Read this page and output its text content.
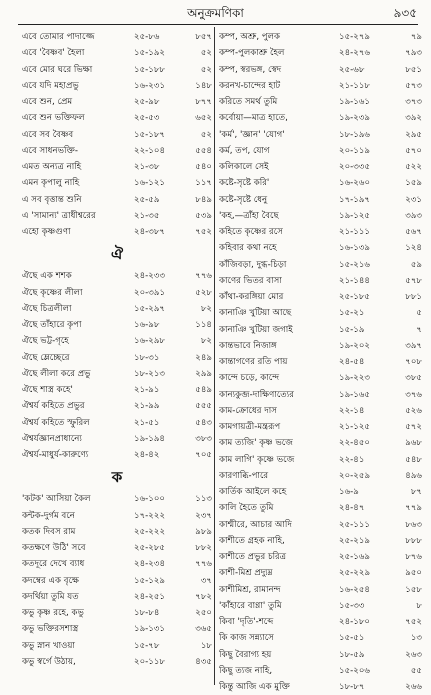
অনুক্রমণিকা	৯৩৫
এবে তোমার পাদাজ্জে	২৫-৮৬	৮৫৭
এবে 'বৈষ্ণব' হৈলা	১৫-১৯২	৫২
এবে মোর ঘরে ভিক্ষা	১৫-১৮৮	৫২
এবে যদি মহাপ্রভু	১৬-২৩১	১৪৮
এবে শুন, প্রেম	২৫-৯৮	৮৭৭
এবে শুন ভক্তিফল	২৫-৫৩	৬৫২
এবে সব বৈষ্ণব	১৫-১৮৭	৫২
এবে সাধনভক্তি-	২২-১০৪	৫৫৪
এমত অন্যত্র নাহি	২১-৩৮	৫৪০
এমন কৃপালু নাহি	১৬-১২১	১১৭
এ সব বৃত্তান্ত শুনি	২৫-৫৯	৮৪৯
এ 'সামান্য' ত্রাধীশ্বরের	২১-৩৫	৫৩৯
এহো কৃষ্ণগুণা	২৪-৩৮৭	৭৫২
ঐ
ঐছে এক শশক	২৪-২৩৩	৭৭৬
ঐছে কৃষ্ণের লীলা	২০-৩৯১	৫২৮
ঐছে চিত্রলীলা	১৫-২৯৭	৮২
ঐছে তাঁহারে কৃপা	১৬-৯৮	১১৪
ঐছে ভট্ট-গৃহে	১৬-২৯৮	৮২
ঐছে ম্লেচ্ছেরে	১৮-৩১	২৪৯
ঐছে লীলা করে প্রভু	১৮-২১৩	২৯৯
ঐছে শাস্ত্র কহে'	২১-৯১	৫৪৯
ঐশ্বর্য কহিতে প্রভুর	২১-৯৯	৫৫৫
ঐশ্বর্য কহিতে স্ফুরিল	২১-৫১	৫৪৩
ঐশ্বর্যজ্ঞানপ্রাধান্যে	১৯-১৯৪	৩৮৩
ঐশ্বর্য-মাধুর্য-কারুণ্যে	২৪-৪২	৭০৫
ক
'কটক' আসিয়া কৈল	১৬-১০০	১১৩
কন্টক-দুর্গম বনে	১৭-২২২	২৩৭
কতক দিবস রাম	২৫-২২২	৯৮৯
কতক্ষণে উঠি' সবে	২৫-২৮৫	৮৮২
কতদূরে দেখে ব্যাধ	২৪-২৩৪	৭৭৬
কদম্বের এক বৃক্ষে	১৫-১২৯	৩৭
কদর্থিয়া তুমি যত	২৪-২৫১	৭৮২
কভু কৃষ্ণ রহে, কভু	১৮-৮৪	২৫০
কভু ভক্তিরসশাস্ত্র	১৯-১৩১	৩৬৫
কভু স্নান খাওয়া	১৫-৭৮	১৮
কভু স্বর্গে উঠায়,	২০-১১৮	৪৩৫
কম্প, অশ্রু, পুলক	১৫-২৭৯	৭৯
কম্প-পুলকাশ্রু হৈল	২৪-২৭৬	৭৯৩
কম্প, স্বরভঙ্গ, স্বেদ	২৫-৬৮	৮৫১
করনখ-চান্দের হাট	২১-১১৮	৫৭৩
করিতে সমর্থ তুমি	১৯-১৬১	৩৭৩
কর্বোয়া—মাত্র হাতে,	১৯-২৩৯	৩৯২
'কর্ম', 'জ্ঞান' 'যোগ'	১৮-১৯৬	২৯৫
কর্ম, তপ, যোগ	২০-১১৯	৫৭০
কলিকালে সেই	২০-৩৩৫	৫২২
কষ্টে-সৃষ্টে করি'	১৬-২৬০	১৫৯
কষ্টে-সৃষ্টে ধেনু	১৭-১৯৭	২৩১
'কহ,—ত্রাঁহা বৈছে	১৯-১২৫	৩৯৩
কহিতে কৃষ্ণের রসে	২১-১১১	৫৬৭
কহিবার কথা নহে	১৬-১৩৯	১২৪
কাঁজিবড়া, দুগ্ধ-চিড়া	১৫-২১৬	৫৯
কাণের ভিতর বাসা	২১-১৪৪	৫৭৮
কাঁথা-করঙ্গিয়া মোর	২৫-১৮৫	৮৮১
কানাঞি খুটিয়া আছে	১৫-২১	৫
কানাঞি খুটিয়া জগাই	১৫-১৯	৭
কান্তভাবে নিজাঙ্গ	১৯-২০২	৩৯৭
কান্তাগণের রতি পায়	২৪-৫৪	৭০৮
কান্দে চড়ে, কান্দে	১৯-২২৩	৩৮৫
কান্যকুব্জ-দাক্ষিণাত্যের	১৯-১৬৫	৩৭৬
কাম-ক্রোধের দাস	২২-১৪	৫২৬
কামগায়ত্রী-মন্ত্ররূপ	২১-১২৫	৫৭২
কাম ত্যজি' কৃষ্ণ ভজে	২২-৪৫০	৯৬৮
কাম লাগি' কৃষ্ণে ভজে	২২-৪১	৫৪৮
কারণাব্ধি-পারে	২০-২৫৯	৪৯৬
কার্তিক আইলে কহে	১৬-৯	৮৭
কালি হৈতে তুমি	২৪-৪৭	৭৭৯
কাশ্মীরে, আচার আদি	২৫-১১১	৮৬৩
কাশীতে গ্রহক নাহি,	২৫-২১৯	৮৮৮
কাশীতে প্রভুর চরিত্র	২৫-১৬৯	৮৭৬
কাশী-মিশ্র প্রদ্যুম্ন	২৫-২২৯	৯৫০
কাশীমিশ্র, রামানন্দ	১৬-২৫৪	১৫৮
'কাঁহারে বাণ্ণা' তুমি	১৫-৩৩	৮
কিবা 'দৃতি'-শব্দে	২৪-১৮০	৭৫২
কি কাজ সন্ন্যাসে	১৫-৫১	১৩
কিছু বৈরাগ্য হয়	১৮-৫৯	২৬৩
কিছু ত্যজ নাহি,	১৫-২০৬	৫৫
কিন্তু আজি এক মুক্তি	১৮-৮৭	২৬৬
